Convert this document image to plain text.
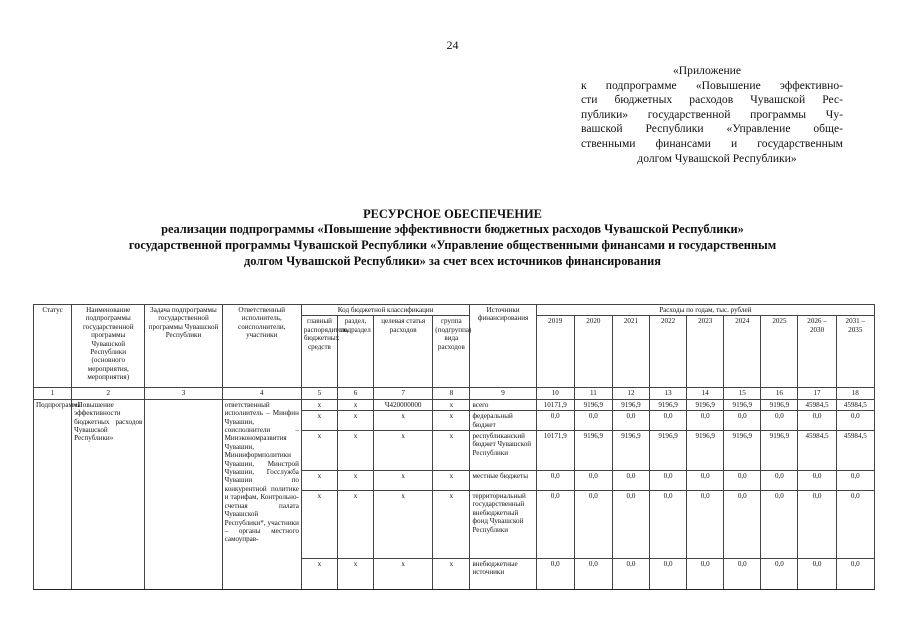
24
«Приложение
к подпрограмме «Повышение эффективно-
сти бюджетных расходов Чувашской Рес-
публики» государственной программы Чу-
вашской Республики «Управление обще-
ственными финансами и государственным
долгом Чувашской Республики»
РЕСУРСНОЕ ОБЕСПЕЧЕНИЕ
реализации подпрограммы «Повышение эффективности бюджетных расходов Чувашской Республики»
государственной программы Чувашской Республики «Управление общественными финансами и государственным
долгом Чувашской Республики» за счет всех источников финансирования
Статус	Наименование подпрограммы государственной программы Чувашской Республики (основного мероприятия, мероприятия)	Задача подпрограммы государственной программы Чувашской Республики	Ответственный исполнитель, соисполнители, участники	Код бюджетной классификации				Источники финансирования	Расходы по годам, тыс. рублей								
				главный распорядитель бюджетных средств	раздел, подраздел	целевая статья расходов	группа (подгруппа) вида расходов		2019	2020	2021	2022	2023	2024	2025	2026 – 2030	2031 – 2035
1	2	3	4	5	6	7	8	9	10	11	12	13	14	15	16	17	18
Подпрограмма	«Повышение эффективности бюджетных расходов Чувашской Республики»		ответственный исполнитель – Минфин Чувашии, соисполнители – Минэкономразвития Чувашии, Мининформполитики Чувашии, Минстрой Чувашии, Госслужба Чувашии по конкурентной политике и тарифам, Контрольно-счетная палата Чувашской Республики*, участники – органы местного самоуправ-	х	х	Ч420000000	х	всего	10171,9	9196,9	9196,9	9196,9	9196,9	9196,9	9196,9	45984,5	45984,5
				х	х	х	х	федеральный бюджет	0,0	0,0	0,0	0,0	0,0	0,0	0,0	0,0	0,0
				х	х	х	х	республиканский бюджет Чувашской Республики	10171,9	9196,9	9196,9	9196,9	9196,9	9196,9	9196,9	45984,5	45984,5
				х	х	х	х	местные бюджеты	0,0	0,0	0,0	0,0	0,0	0,0	0,0	0,0	0,0
				х	х	х	х	территориальный государственный внебюджетный фонд Чувашской Республики	0,0	0,0	0,0	0,0	0,0	0,0	0,0	0,0	0,0
				х	х	х	х	внебюджетные источники	0,0	0,0	0,0	0,0	0,0	0,0	0,0	0,0	0,0
